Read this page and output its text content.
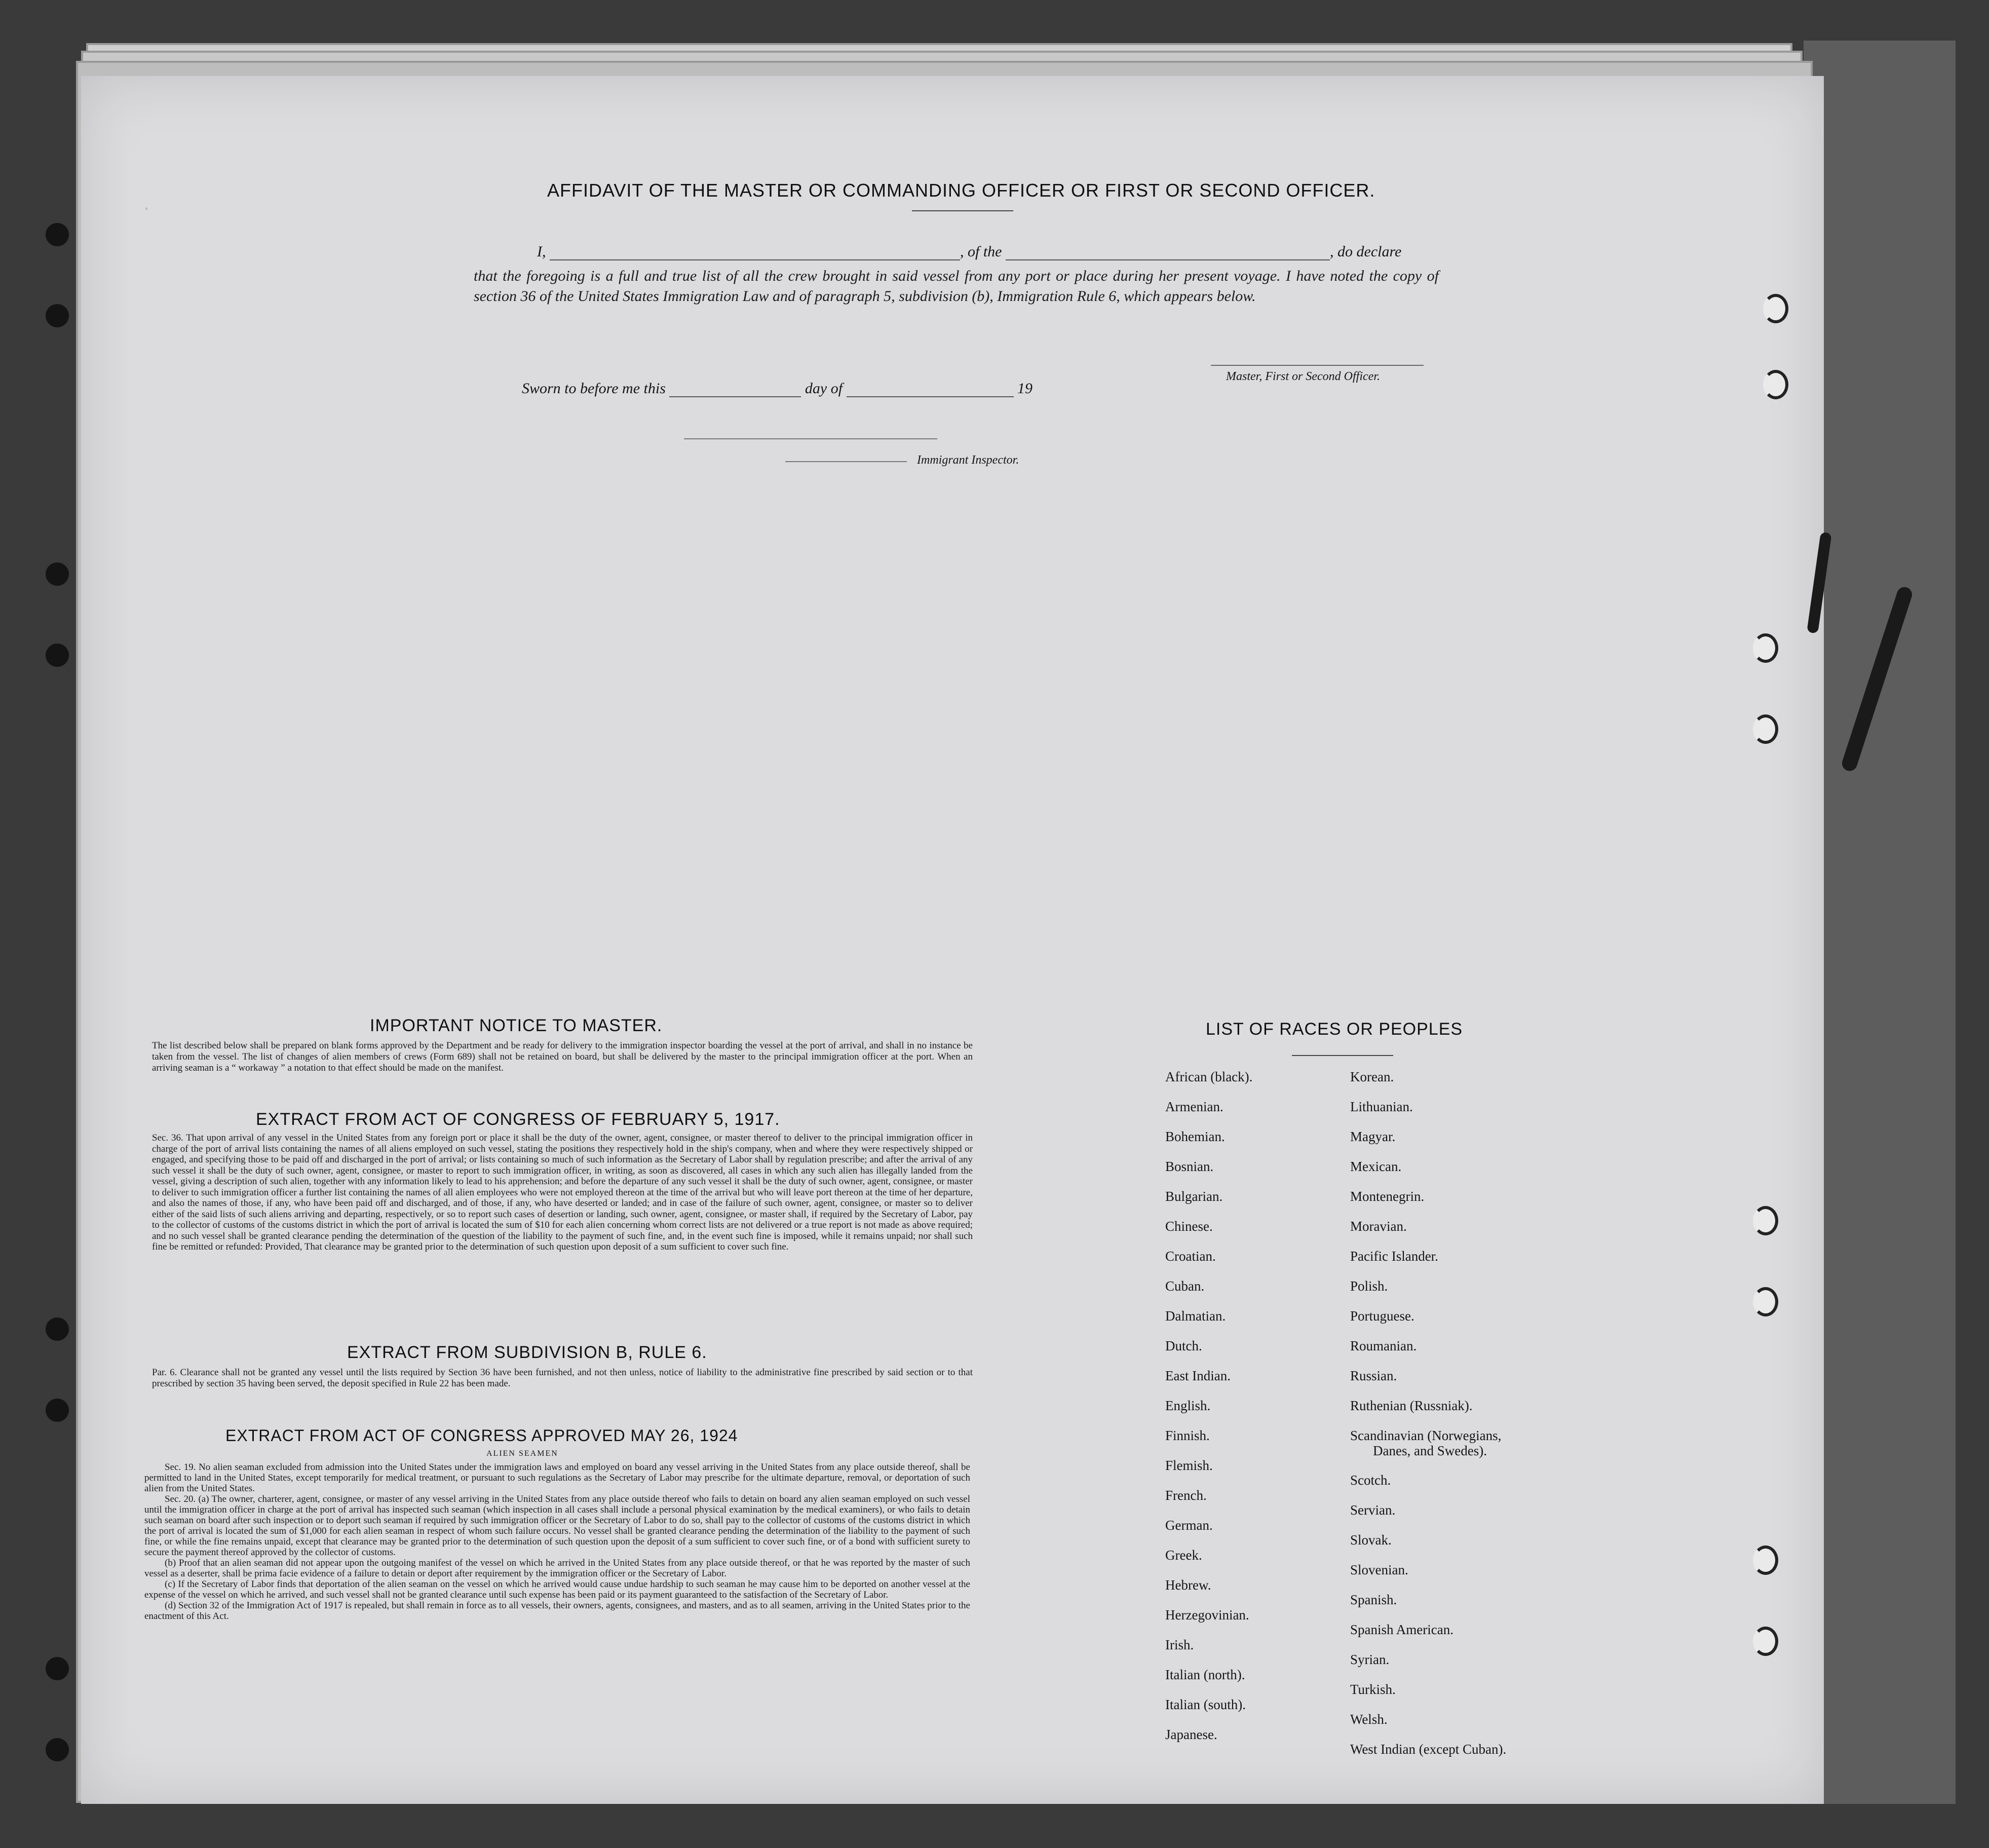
.
AFFIDAVIT OF THE MASTER OR COMMANDING OFFICER OR FIRST OR SECOND OFFICER.
I,	, of the	, do declare
that the foregoing is a full and true list of all the crew brought in said vessel from any port or place during her present voyage. I have noted the copy of section 36 of the United States Immigration Law and of paragraph 5, subdivision (b), Immigration Rule 6, which appears below.
Master, First or Second Officer.
Sworn to before me this	day of	19
Immigrant Inspector.
IMPORTANT NOTICE TO MASTER.
The list described below shall be prepared on blank forms approved by the Department and be ready for delivery to the immigration inspector boarding the vessel at the port of arrival, and shall in no instance be taken from the vessel. The list of changes of alien members of crews (Form 689) shall not be retained on board, but shall be delivered by the master to the principal immigration officer at the port. When an arriving seaman is a “ workaway ” a notation to that effect should be made on the manifest.
EXTRACT FROM ACT OF CONGRESS OF FEBRUARY 5, 1917.
Sec. 36. That upon arrival of any vessel in the United States from any foreign port or place it shall be the duty of the owner, agent, consignee, or master thereof to deliver to the principal immigration officer in charge of the port of arrival lists containing the names of all aliens employed on such vessel, stating the positions they respectively hold in the ship's company, when and where they were respectively shipped or engaged, and specifying those to be paid off and discharged in the port of arrival; or lists containing so much of such information as the Secretary of Labor shall by regulation prescribe; and after the arrival of any such vessel it shall be the duty of such owner, agent, consignee, or master to report to such immigration officer, in writing, as soon as discovered, all cases in which any such alien has illegally landed from the vessel, giving a description of such alien, together with any information likely to lead to his apprehension; and before the departure of any such vessel it shall be the duty of such owner, agent, consignee, or master to deliver to such immigration officer a further list containing the names of all alien employees who were not employed thereon at the time of the arrival but who will leave port thereon at the time of her departure, and also the names of those, if any, who have been paid off and discharged, and of those, if any, who have deserted or landed; and in case of the failure of such owner, agent, consignee, or master so to deliver either of the said lists of such aliens arriving and departing, respectively, or so to report such cases of desertion or landing, such owner, agent, consignee, or master shall, if required by the Secretary of Labor, pay to the collector of customs of the customs district in which the port of arrival is located the sum of $10 for each alien concerning whom correct lists are not delivered or a true report is not made as above required; and no such vessel shall be granted clearance pending the determination of the question of the liability to the payment of such fine, and, in the event such fine is imposed, while it remains unpaid; nor shall such fine be remitted or refunded: Provided, That clearance may be granted prior to the determination of such question upon deposit of a sum sufficient to cover such fine.
EXTRACT FROM SUBDIVISION B, RULE 6.
Par. 6. Clearance shall not be granted any vessel until the lists required by Section 36 have been furnished, and not then unless, notice of liability to the administrative fine prescribed by said section or to that prescribed by section 35 having been served, the deposit specified in Rule 22 has been made.
EXTRACT FROM ACT OF CONGRESS APPROVED MAY 26, 1924
ALIEN SEAMEN
Sec. 19. No alien seaman excluded from admission into the United States under the immigration laws and employed on board any vessel arriving in the United States from any place outside thereof, shall be permitted to land in the United States, except temporarily for medical treatment, or pursuant to such regulations as the Secretary of Labor may prescribe for the ultimate departure, removal, or deportation of such alien from the United States.
Sec. 20. (a) The owner, charterer, agent, consignee, or master of any vessel arriving in the United States from any place outside thereof who fails to detain on board any alien seaman employed on such vessel until the immigration officer in charge at the port of arrival has inspected such seaman (which inspection in all cases shall include a personal physical examination by the medical examiners), or who fails to detain such seaman on board after such inspection or to deport such seaman if required by such immigration officer or the Secretary of Labor to do so, shall pay to the collector of customs of the customs district in which the port of arrival is located the sum of $1,000 for each alien seaman in respect of whom such failure occurs. No vessel shall be granted clearance pending the determination of the liability to the payment of such fine, or while the fine remains unpaid, except that clearance may be granted prior to the determination of such question upon the deposit of a sum sufficient to cover such fine, or of a bond with sufficient surety to secure the payment thereof approved by the collector of customs.
(b) Proof that an alien seaman did not appear upon the outgoing manifest of the vessel on which he arrived in the United States from any place outside thereof, or that he was reported by the master of such vessel as a deserter, shall be prima facie evidence of a failure to detain or deport after requirement by the immigration officer or the Secretary of Labor.
(c) If the Secretary of Labor finds that deportation of the alien seaman on the vessel on which he arrived would cause undue hardship to such seaman he may cause him to be deported on another vessel at the expense of the vessel on which he arrived, and such vessel shall not be granted clearance until such expense has been paid or its payment guaranteed to the satisfaction of the Secretary of Labor.
(d) Section 32 of the Immigration Act of 1917 is repealed, but shall remain in force as to all vessels, their owners, agents, consignees, and masters, and as to all seamen, arriving in the United States prior to the enactment of this Act.
LIST OF RACES OR PEOPLES
African (black).
Armenian.
Bohemian.
Bosnian.
Bulgarian.
Chinese.
Croatian.
Cuban.
Dalmatian.
Dutch.
East Indian.
English.
Finnish.
Flemish.
French.
German.
Greek.
Hebrew.
Herzegovinian.
Irish.
Italian (north).
Italian (south).
Japanese.
Korean.
Lithuanian.
Magyar.
Mexican.
Montenegrin.
Moravian.
Pacific Islander.
Polish.
Portuguese.
Roumanian.
Russian.
Ruthenian (Russniak).
Scandinavian (Norwegians,
Danes, and Swedes).
Scotch.
Servian.
Slovak.
Slovenian.
Spanish.
Spanish American.
Syrian.
Turkish.
Welsh.
West Indian (except Cuban).
